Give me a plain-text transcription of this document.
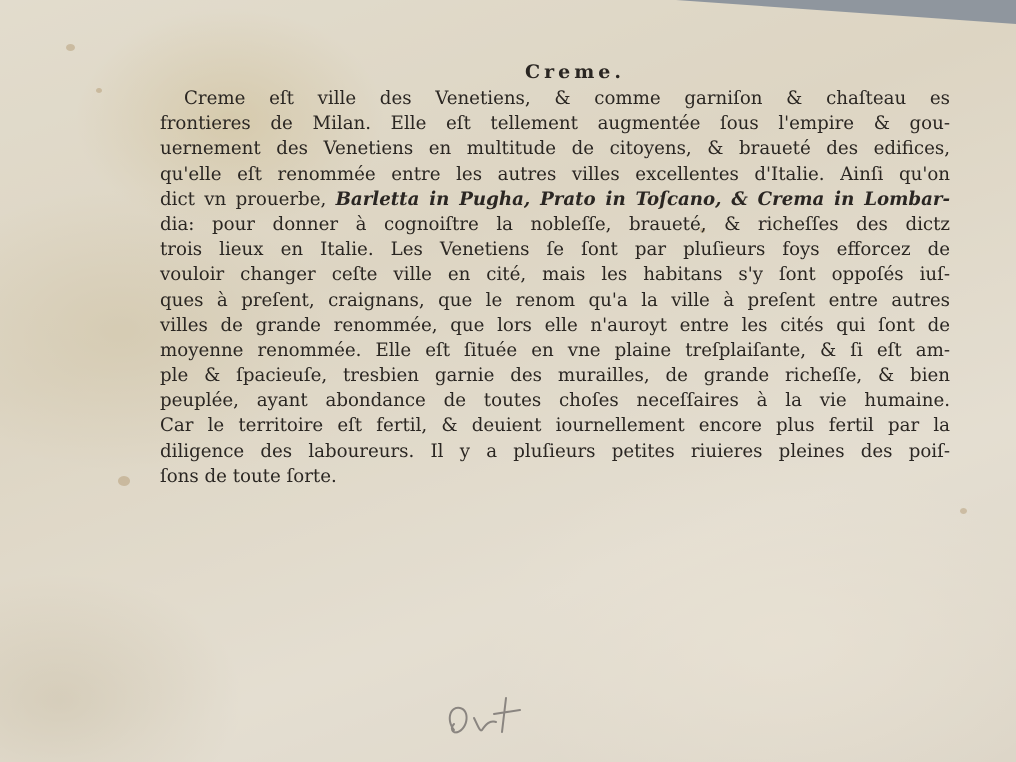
Creme.
Creme eſt ville des Venetiens, & comme garniſon & chaſteau es
frontieres de Milan. Elle eſt tellement augmentée ſous l'empire & gou-
uernement des Venetiens en multitude de citoyens, & braueté des edifices,
qu'elle eſt renommée entre les autres villes excellentes d'Italie. Ainſi qu'on
dict vn prouerbe, Barletta in Pugha, Prato in Toſcano, & Crema in Lombar-
dia: pour donner à cognoiſtre la nobleſſe, braueté, & richeſſes des dictz
trois lieux en Italie. Les Venetiens ſe ſont par pluſieurs foys efforcez de
vouloir changer ceſte ville en cité, mais les habitans s'y ſont oppoſés iuſ-
ques à preſent, craignans, que le renom qu'a la ville à preſent entre autres
villes de grande renommée, que lors elle n'auroyt entre les cités qui ſont de
moyenne renommée. Elle eſt ſituée en vne plaine treſplaiſante, & ſi eſt am-
ple & ſpacieuſe, tresbien garnie des murailles, de grande richeſſe, & bien
peuplée, ayant abondance de toutes choſes neceſſaires à la vie humaine.
Car le territoire eſt fertil, & deuient iournellement encore plus fertil par la
diligence des laboureurs. Il y a pluſieurs petites riuieres pleines des poiſ-
ſons de toute ſorte.
